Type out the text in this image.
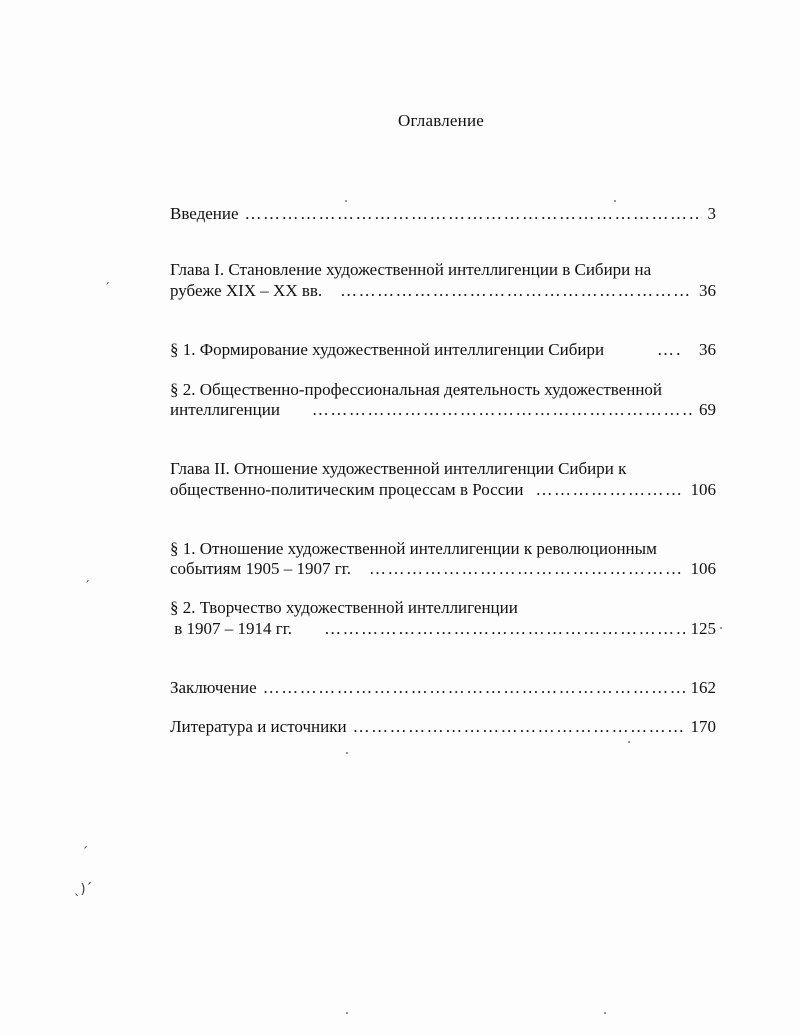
Оглавление
Введение ……………………………………………………………………………………………………………………………………………	3
Глава I. Становление художественной интеллигенции в Сибири на
рубеже XIX – XX вв. ……………………………………………………………………………………………………………………………………………	36
§ 1. Формирование художественной интеллигенции Сибири ……………………………………………………………………………………………………………………………………………	36
§ 2. Общественно-профессиональная деятельность художественной
интеллигенции ……………………………………………………………………………………………………………………………………………	69
Глава II. Отношение художественной интеллигенции Сибири к
общественно-политическим процессам в России ……………………………………………………………………………………………………………………………………………	106
§ 1. Отношение художественной интеллигенции к революционным
событиям 1905 – 1907 гг. ……………………………………………………………………………………………………………………………………………	106
§ 2. Творчество художественной интеллигенции
в 1907 – 1914 гг. ……………………………………………………………………………………………………………………………………………	125
Заключение ……………………………………………………………………………………………………………………………………………	162
Литература и источники ……………………………………………………………………………………………………………………………………………	170
ˊ
ˊ
ˊ
ˎ)ˊ
